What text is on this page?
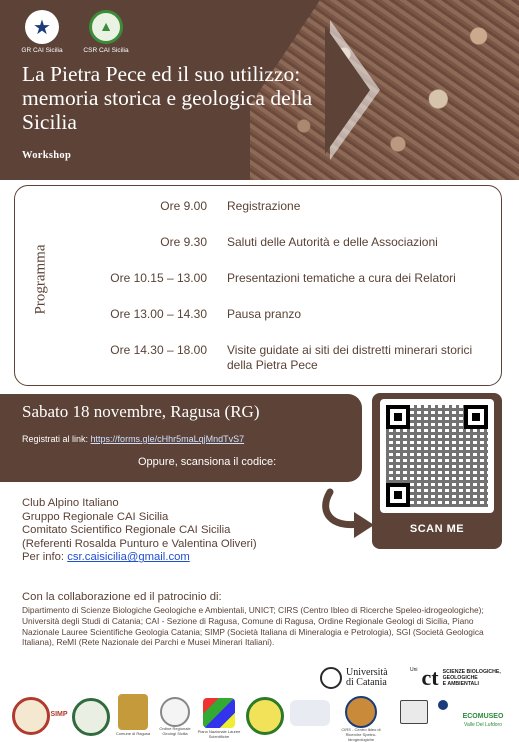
★
GR CAI Sicilia
▲	CSR CAI Sicilia
La Pietra Pece ed il suo utilizzo: memoria storica e geologica della Sicilia
Workshop
Programma
Ore 9.00 Registrazione
Ore 9.30 Saluti delle Autorità e delle Associazioni
Ore 10.15 – 13.00 Presentazioni tematiche a cura dei Relatori
Ore 13.00 – 14.30 Pausa pranzo
Ore 14.30 – 18.00 Visite guidate ai siti dei distretti minerari storici della Pietra Pece
Sabato 18 novembre, Ragusa (RG)
Registrati al link: https://forms.gle/cHhr5maLqjMndTvS7
Oppure, scansiona il codice:
SCAN ME
Club Alpino Italiano
Gruppo Regionale CAI Sicilia
Comitato Scientifico Regionale CAI Sicilia
(Referenti Rosalda Punturo e Valentina Oliveri)
Per info: csr.caisicilia@gmail.com
Con la collaborazione ed il patrocinio di:
Dipartimento di Scienze Biologiche Geologiche e Ambientali, UNICT; CIRS (Centro Ibleo di Ricerche Speleo-idrogeologiche); Università degli Studi di Catania; CAI - Sezione di Ragusa, Comune di Ragusa, Ordine Regionale Geologi di Sicilia, Piano Nazionale Lauree Scientifiche Geologia Catania; SIMP (Società Italiana di Mineralogia e Petrologia), SGI (Società Geologica Italiana), ReMI (Rete Nazionale dei Parchi e Musei Minerari Italiani).
Università
di Catania
Uni ct SCIENZE BIOLOGICHE,
GEOLOGICHE
E AMBIENTALI
SIMP
Comune di Ragusa
Ordine Regionale
Geologi Sicilia	Piano Nazionale Lauree Scientifiche
CIRS - Centro Ibleo di Ricerche Speleo-Idrogeologiche
ECOMUSEO
Valle Del Lufdoro
